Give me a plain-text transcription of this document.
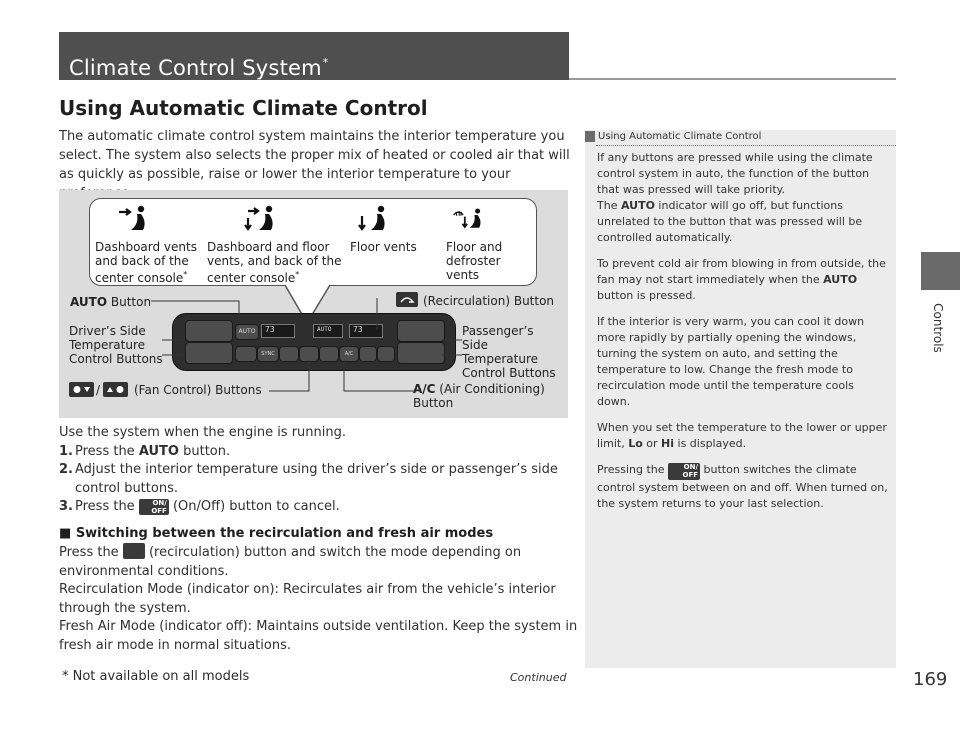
Climate Control System*
Controls
Using Automatic Climate Control
The automatic climate control system maintains the interior temperature you select. The system also selects the proper mix of heated or cooled air that will as quickly as possible, raise or lower the interior temperature to your
Dashboard vents and back of the center console*
Dashboard and floor vents, and back of the center console*
Floor vents	Floor and defroster vents
AUTO	73	AUTO	73
SYNC	A/C
AUTO Button	(Recirculation) Button
Driver’s Side Temperature Control Buttons
Passenger’s Side Temperature Control Buttons
/	(Fan Control) Buttons	A/C (Air Conditioning) Button
Use the system when the engine is running.
1. Press the AUTO button.
2. Adjust the interior temperature using the driver’s side or passenger’s side control buttons.
3. Press the ON/ OFF (On/Off) button to cancel.
■ Switching between the recirculation and fresh air modes
Press the  (recirculation) button and switch the mode depending on environmental conditions.
Recirculation Mode (indicator on): Recirculates air from the vehicle’s interior through the system.
Fresh Air Mode (indicator off): Maintains outside ventilation. Keep the system in fresh air mode in normal situations.
* Not available on all models	Continued	169
Using Automatic Climate Control

If any buttons are pressed while using the climate control system in auto, the function of the button that was pressed will take priority.
The AUTO indicator will go off, but functions unrelated to the button that was pressed will be controlled automatically.

To prevent cold air from blowing in from outside, the fan may not start immediately when the AUTO button is pressed.

If the interior is very warm, you can cool it down more rapidly by partially opening the windows, turning the system on auto, and setting the temperature to low. Change the fresh mode to recirculation mode until the temperature cools down.

When you set the temperature to the lower or upper limit, Lo or Hi is displayed.

Pressing the ON/ OFF button switches the climate control system between on and off. When turned on, the system returns to your last selection.
